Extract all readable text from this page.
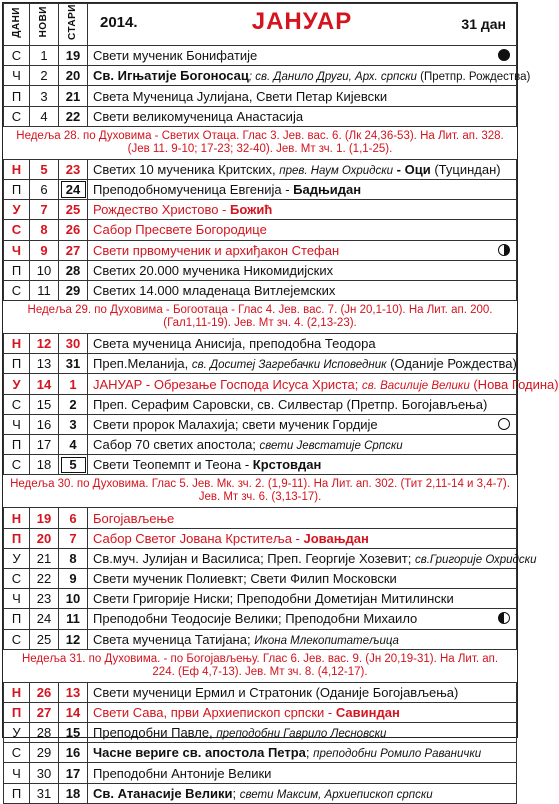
ДАНИ	НОВИ	СТАРИ	2014. ЈАНУАР 31 дан

С	1	19	Свети мученик Бонифатије

Ч	2	20	Св. Игњатије Богоносац; св. Данило Други, Арх. српски (Претпр. Рождества)
П	3	21	Света Мученица Јулијана, Свети Петар Кијевски
С	4	22	Свети великомученица Анастасија
Недеља 28. по Духовима - Светих Отаца. Глас 3. Јев. вас. 6. (Лк 24,36-53). На Лит. ап. 328. (Јев 11. 9-10; 17-23; 32-40). Јев. Мт зч. 1. (1,1-25).			
Н	5	23	Светих 10 мученика Критских, прев. Наум Охридски - Оци (Туциндан)
П	6	24	Преподобномученица Евгенија - Бадњидан
У	7	25	Рождество Христово - Божић
С	8	26	Сабор Пресвете Богородице
Ч	9	27	Свети првомученик и архиђакон Стефан

П	10	28	Светих 20.000 мученика Никомидијских
С	11	29	Светих 14.000 младенаца Витлејемских
Недеља 29. по Духовима - Богоотаца - Глас 4. Јев. вас. 7. (Јн 20,1-10). На Лит. ап. 200. (Гал1,11-19). Јев. Мт зч. 4. (2,13-23).			
Н	12	30	Света мученица Анисија, преподобна Теодора
П	13	31	Преп.Меланија, св. Доситеј Загребачки Исповедник (Оданије Рождества)
У	14	1	ЈАНУАР - Обрезање Господа Исуса Христа; св. Василије Велики (Нова Година)
С	15	2	Преп. Серафим Саровски, св. Силвестар (Претпр. Богојављења)
Ч	16	3	Свети пророк Малахија; свети мученик Гордије

П	17	4	Сабор 70 светих апостола; свети Јевстатије Српски
С	18	5	Свети Теопемпт и Теона - Крстовдан
Недеља 30. по Духовима. Глас 5. Јев. Мк. зч. 2. (1,9-11). На Лит. ап. 302. (Тит 2,11-14 и 3,4-7). Јев. Мт зч. 6. (3,13-17).			
Н	19	6	Богојављење
П	20	7	Сабор Светог Јована Крститеља - Јовањдан
У	21	8	Св.муч. Јулијан и Василиса; Преп. Георгије Хозевит; св.Григорије Охридски
С	22	9	Свети мученик Полиевкт; Свети Филип Московски
Ч	23	10	Свети Григорије Ниски; Преподобни Дометијан Митилински
П	24	11	Преподобни Теодосије Велики; Преподобни Михаило

С	25	12	Света мученица Татијана; Икона Млекопитатељица
Недеља 31. по Духовима. - по Богојављењу. Глас 6. Јев. вас. 9. (Јн 20,19-31). На Лит. ап. 224. (Еф 4,7-13). Јев. Мт зч. 8. (4,12-17).			
Н	26	13	Свети мученици Ермил и Стратоник (Оданије Богојављења)
П	27	14	Свети Сава, први Архиепископ српски - Савиндан
У	28	15	Преподобни Павле, преподобни Гаврило Лесновски
С	29	16	Часне вериге св. апостола Петра; преподобни Ромило Раванички
Ч	30	17	Преподобни Антоније Велики
П	31	18	Св. Атанасије Велики; свети Максим, Архиепископ српски
